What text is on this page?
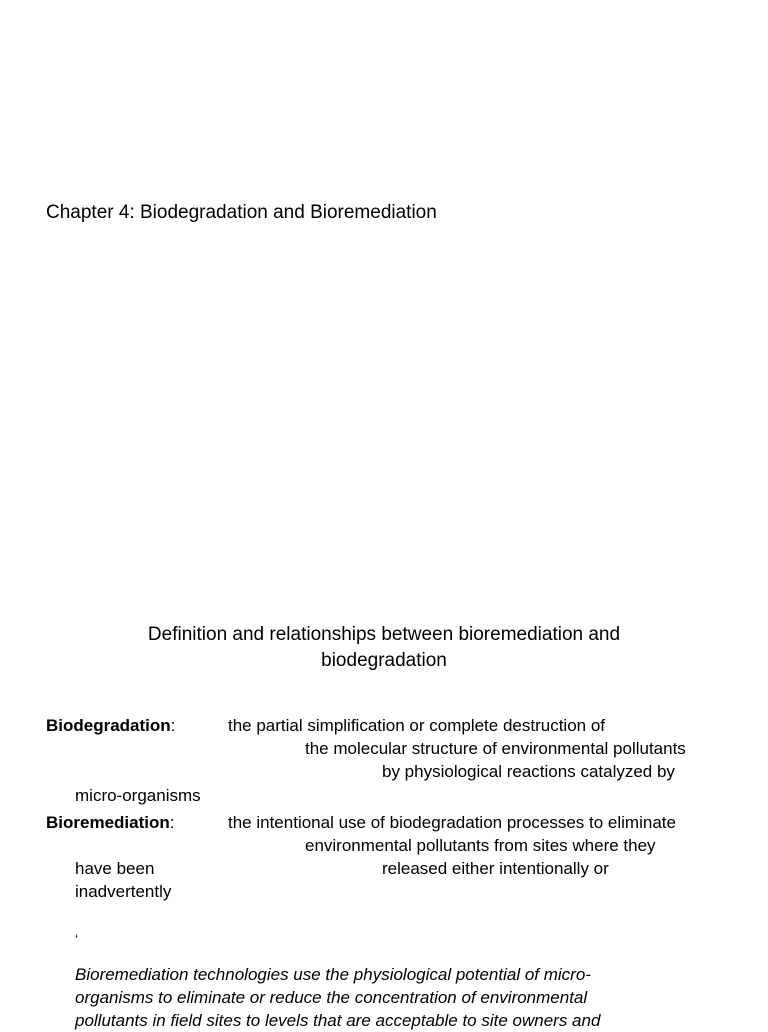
Chapter 4: Biodegradation and Bioremediation
Definition and relationships between bioremediation and
biodegradation
Biodegradation:	the partial simplification or complete destruction of
the molecular structure of environmental pollutants
by physiological reactions catalyzed by
micro-organisms
Bioremediation:	the intentional use of biodegradation processes to eliminate
environmental pollutants from sites where they
have been	released either intentionally or
inadvertently
‘
Bioremediation technologies use the physiological potential of micro-
organisms to eliminate or reduce the concentration of environmental
pollutants in field sites to levels that are acceptable to site owners and
